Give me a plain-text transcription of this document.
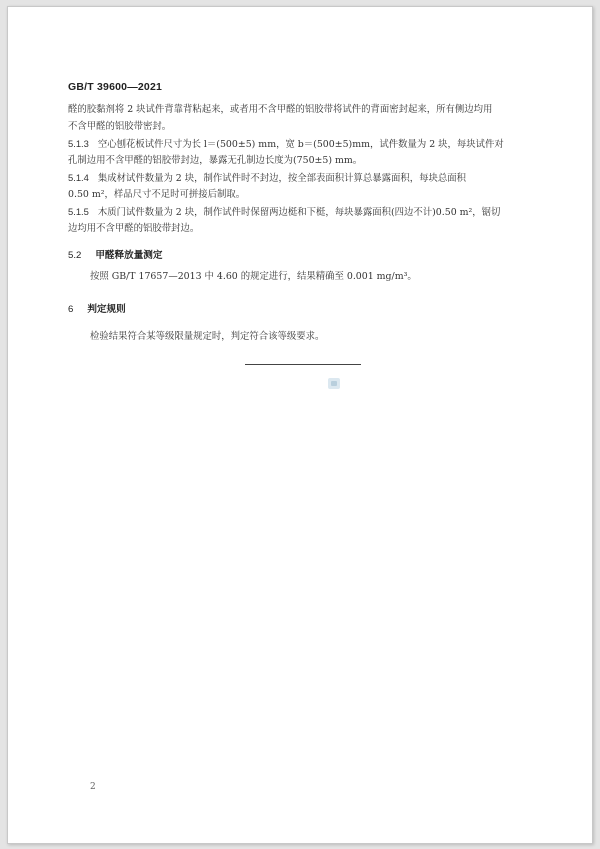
GB/T 39600—2021
醛的胶黏剂将 2 块试件背靠背粘起来，或者用不含甲醛的铝胶带将试件的背面密封起来，所有侧边均用
不含甲醛的铝胶带密封。
5.1.3 空心刨花板试件尺寸为长 l＝(500±5) mm，宽 b＝(500±5)mm，试件数量为 2 块，每块试件对
孔制边用不含甲醛的铝胶带封边，暴露无孔制边长度为(750±5) mm。
5.1.4 集成材试件数量为 2 块，制作试件时不封边，按全部表面积计算总暴露面积，每块总面积
0.50 m²，样品尺寸不足时可拼接后制取。
5.1.5 木质门试件数量为 2 块，制作试件时保留两边梃和下梃，每块暴露面积(四边不计)0.50 m²，锯切
边均用不含甲醛的铝胶带封边。
5.2 甲醛释放量测定
按照 GB/T 17657—2013 中 4.60 的规定进行，结果精确至 0.001 mg/m³。
6 判定规则
检验结果符合某等级限量规定时，判定符合该等级要求。
2
